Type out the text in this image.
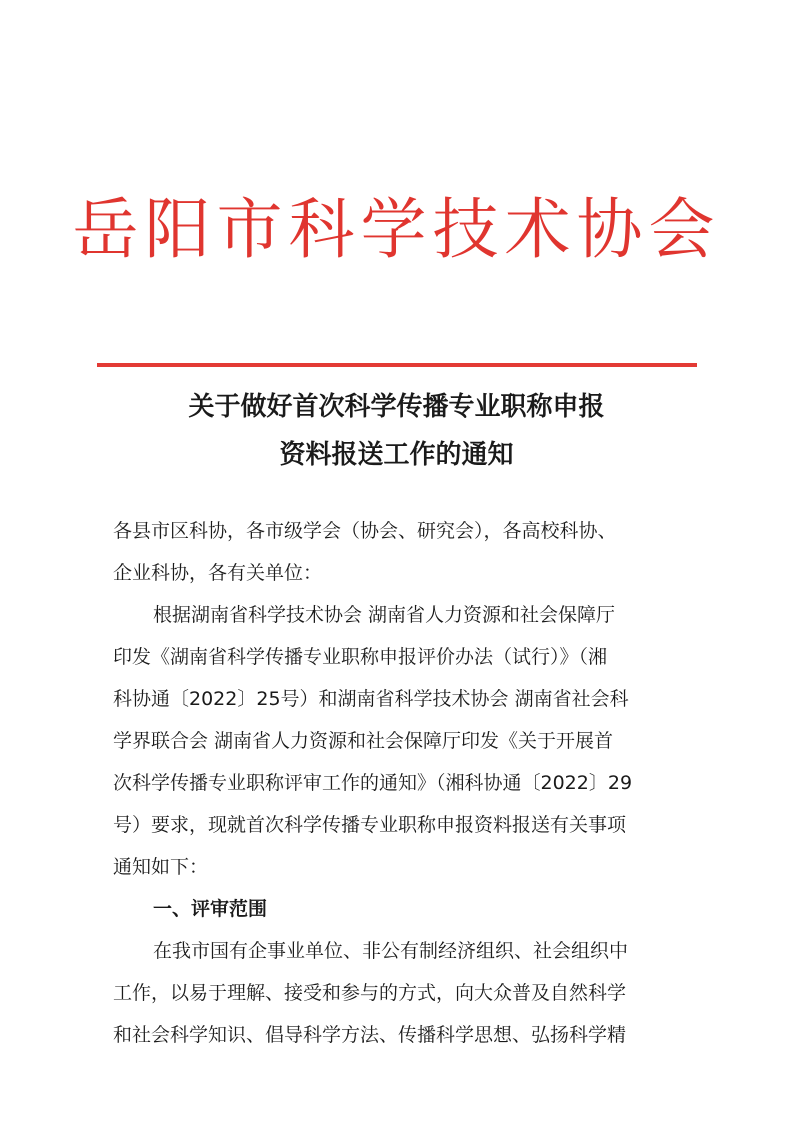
岳阳市科学技术协会
关于做好首次科学传播专业职称申报
资料报送工作的通知
各县市区科协，各市级学会（协会、研究会），各高校科协、
企业科协，各有关单位：
根据湖南省科学技术协会 湖南省人力资源和社会保障厅
印发《湖南省科学传播专业职称申报评价办法（试行）》（湘
科协通〔2022〕25号）和湖南省科学技术协会 湖南省社会科
学界联合会 湖南省人力资源和社会保障厅印发《关于开展首
次科学传播专业职称评审工作的通知》（湘科协通〔2022〕29
号）要求，现就首次科学传播专业职称申报资料报送有关事项
通知如下：
一、评审范围
在我市国有企事业单位、非公有制经济组织、社会组织中
工作，以易于理解、接受和参与的方式，向大众普及自然科学
和社会科学知识、倡导科学方法、传播科学思想、弘扬科学精
